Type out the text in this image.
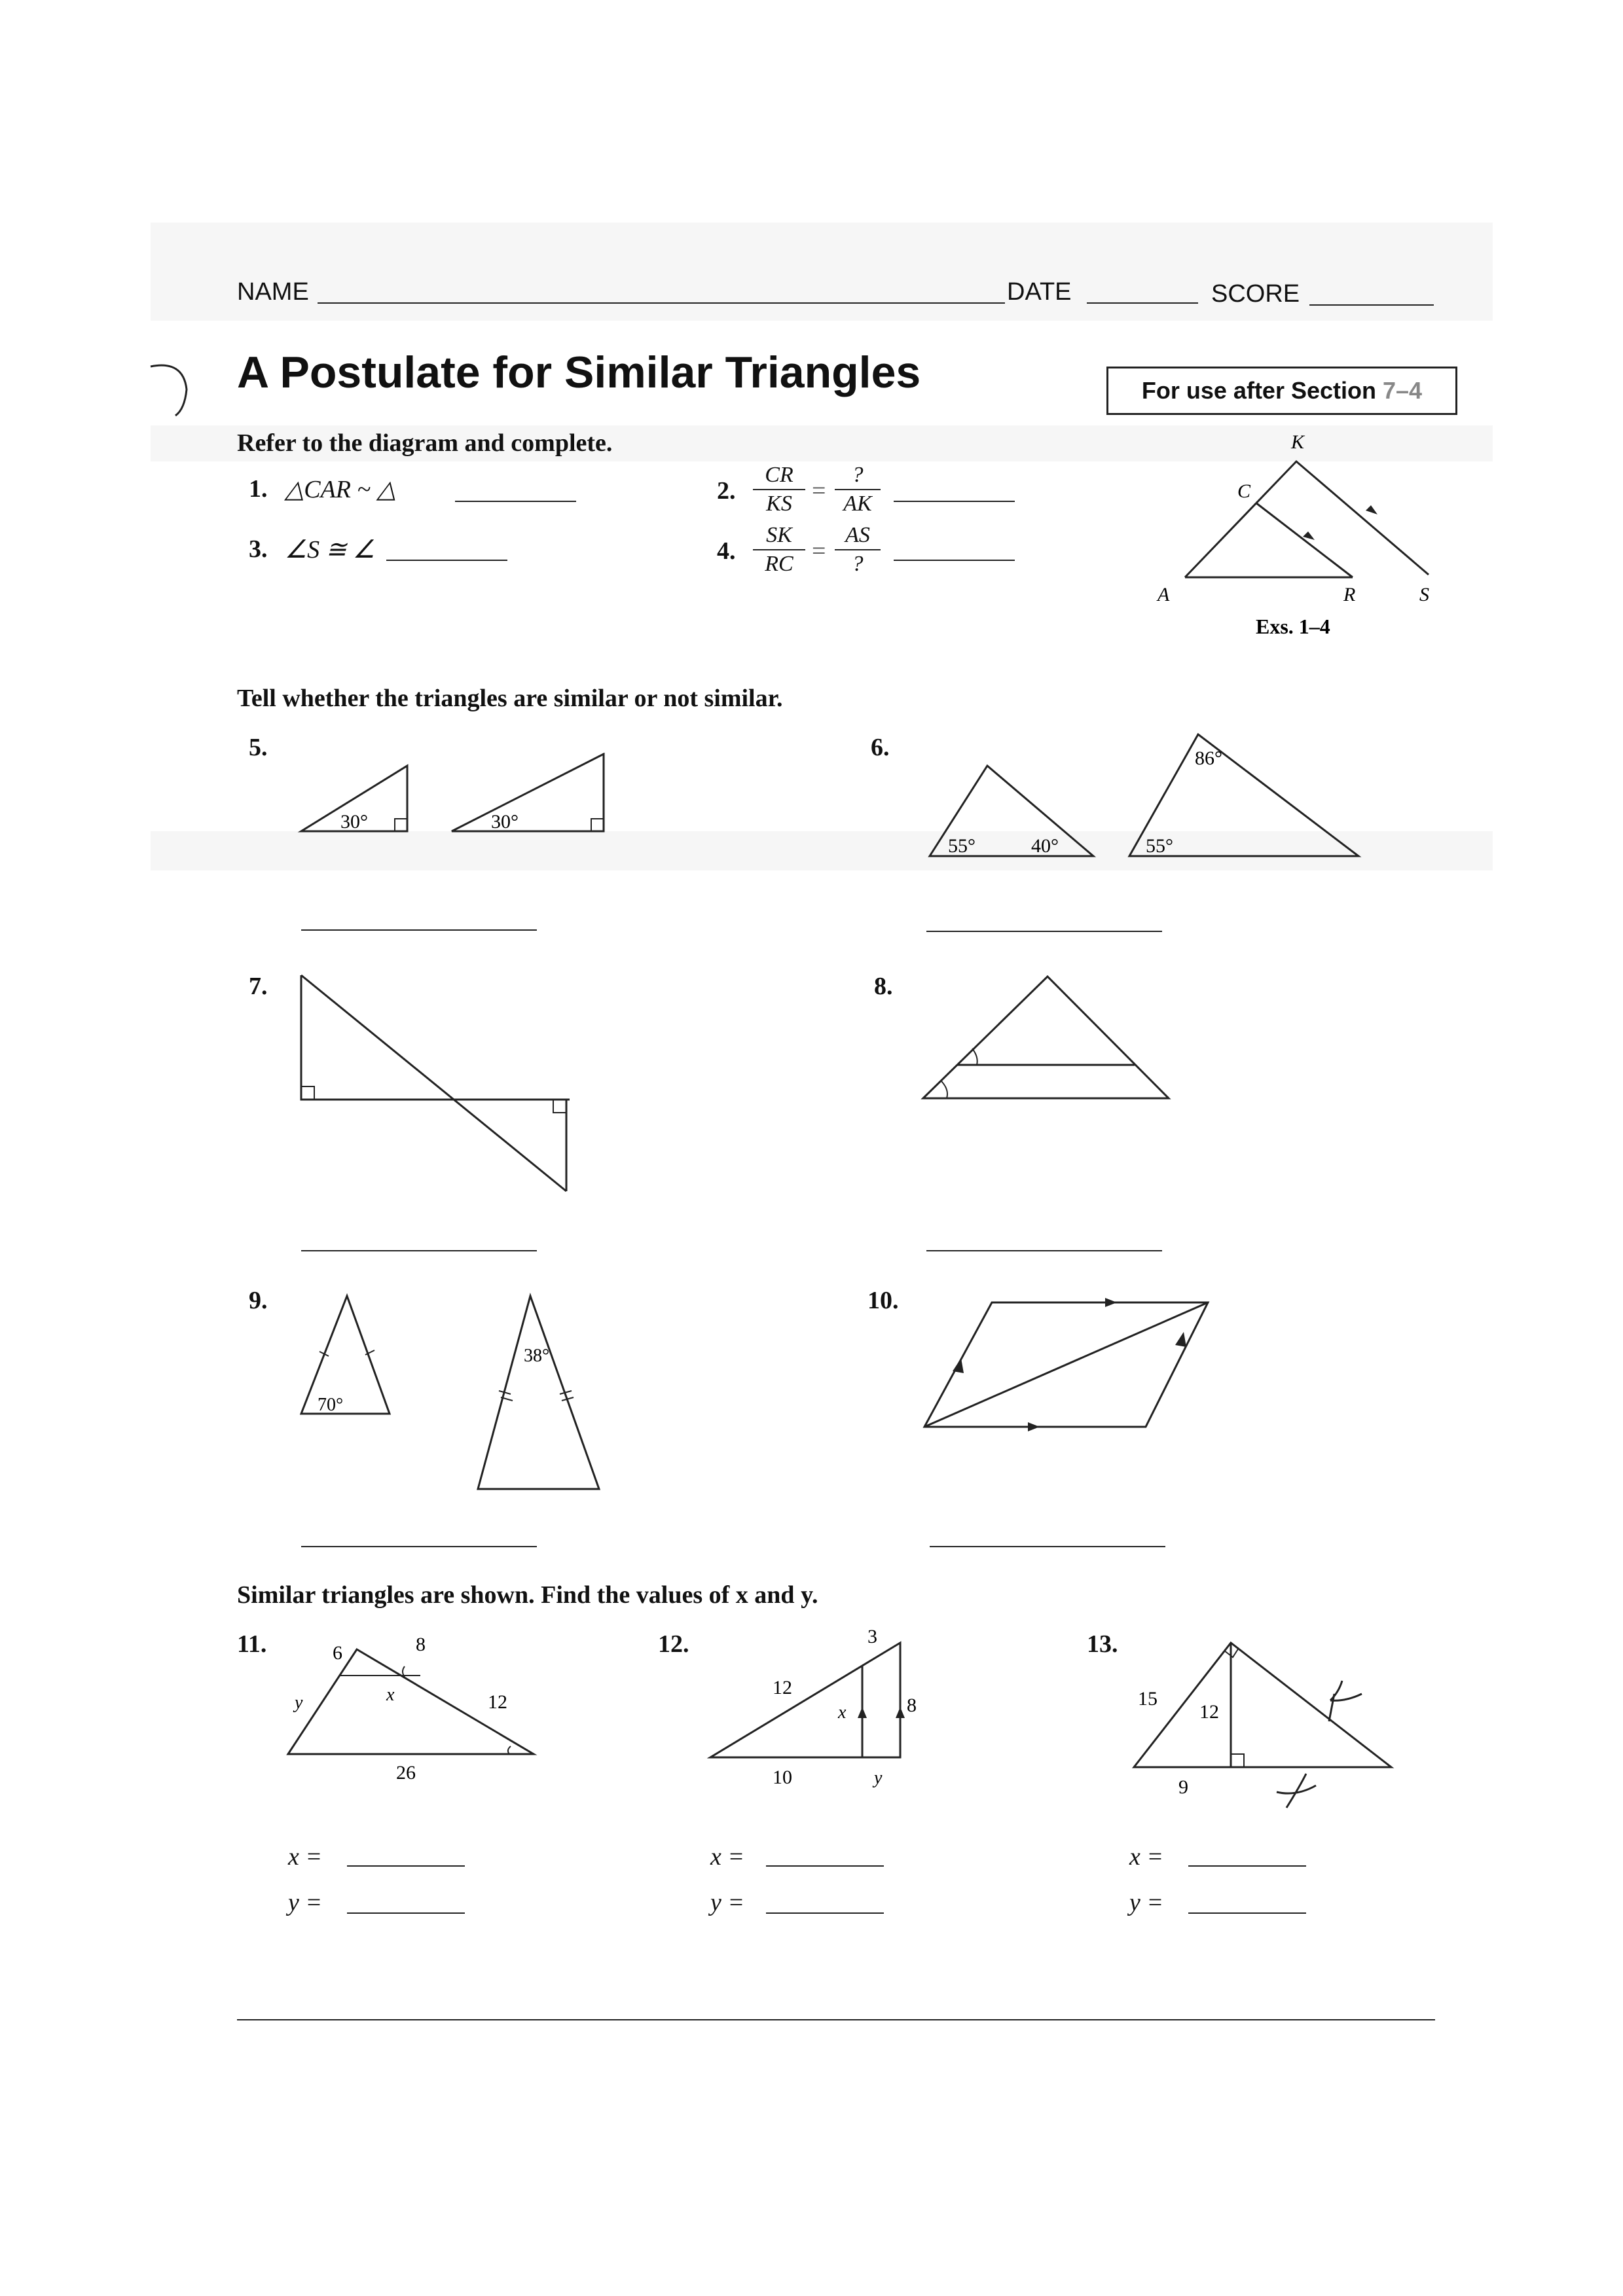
NAME	DATE	SCORE
A Postulate for Similar Triangles	For use after Section 7–4
Refer to the diagram and complete.
1. △CAR ~ △	2. $\frac{CR}{KS}$ =
?
AK
3. ∠S ≅ ∠	4. $\frac{SK}{RC}$ =
AS
?
K
C
A	R	S
Exs. 1–4
Tell whether the triangles are similar or not similar.
5.
30°	30°
6.
55°	40°
86°
55°
7.	8.
9.
70°
38°
10.
Similar triangles are shown. Find the values of x and y.
11.	6	8
y	x	12
26
12.	3
12
x	8
10	y
13.
15
12
9
x =
y =
x =
y =
x =
y =
